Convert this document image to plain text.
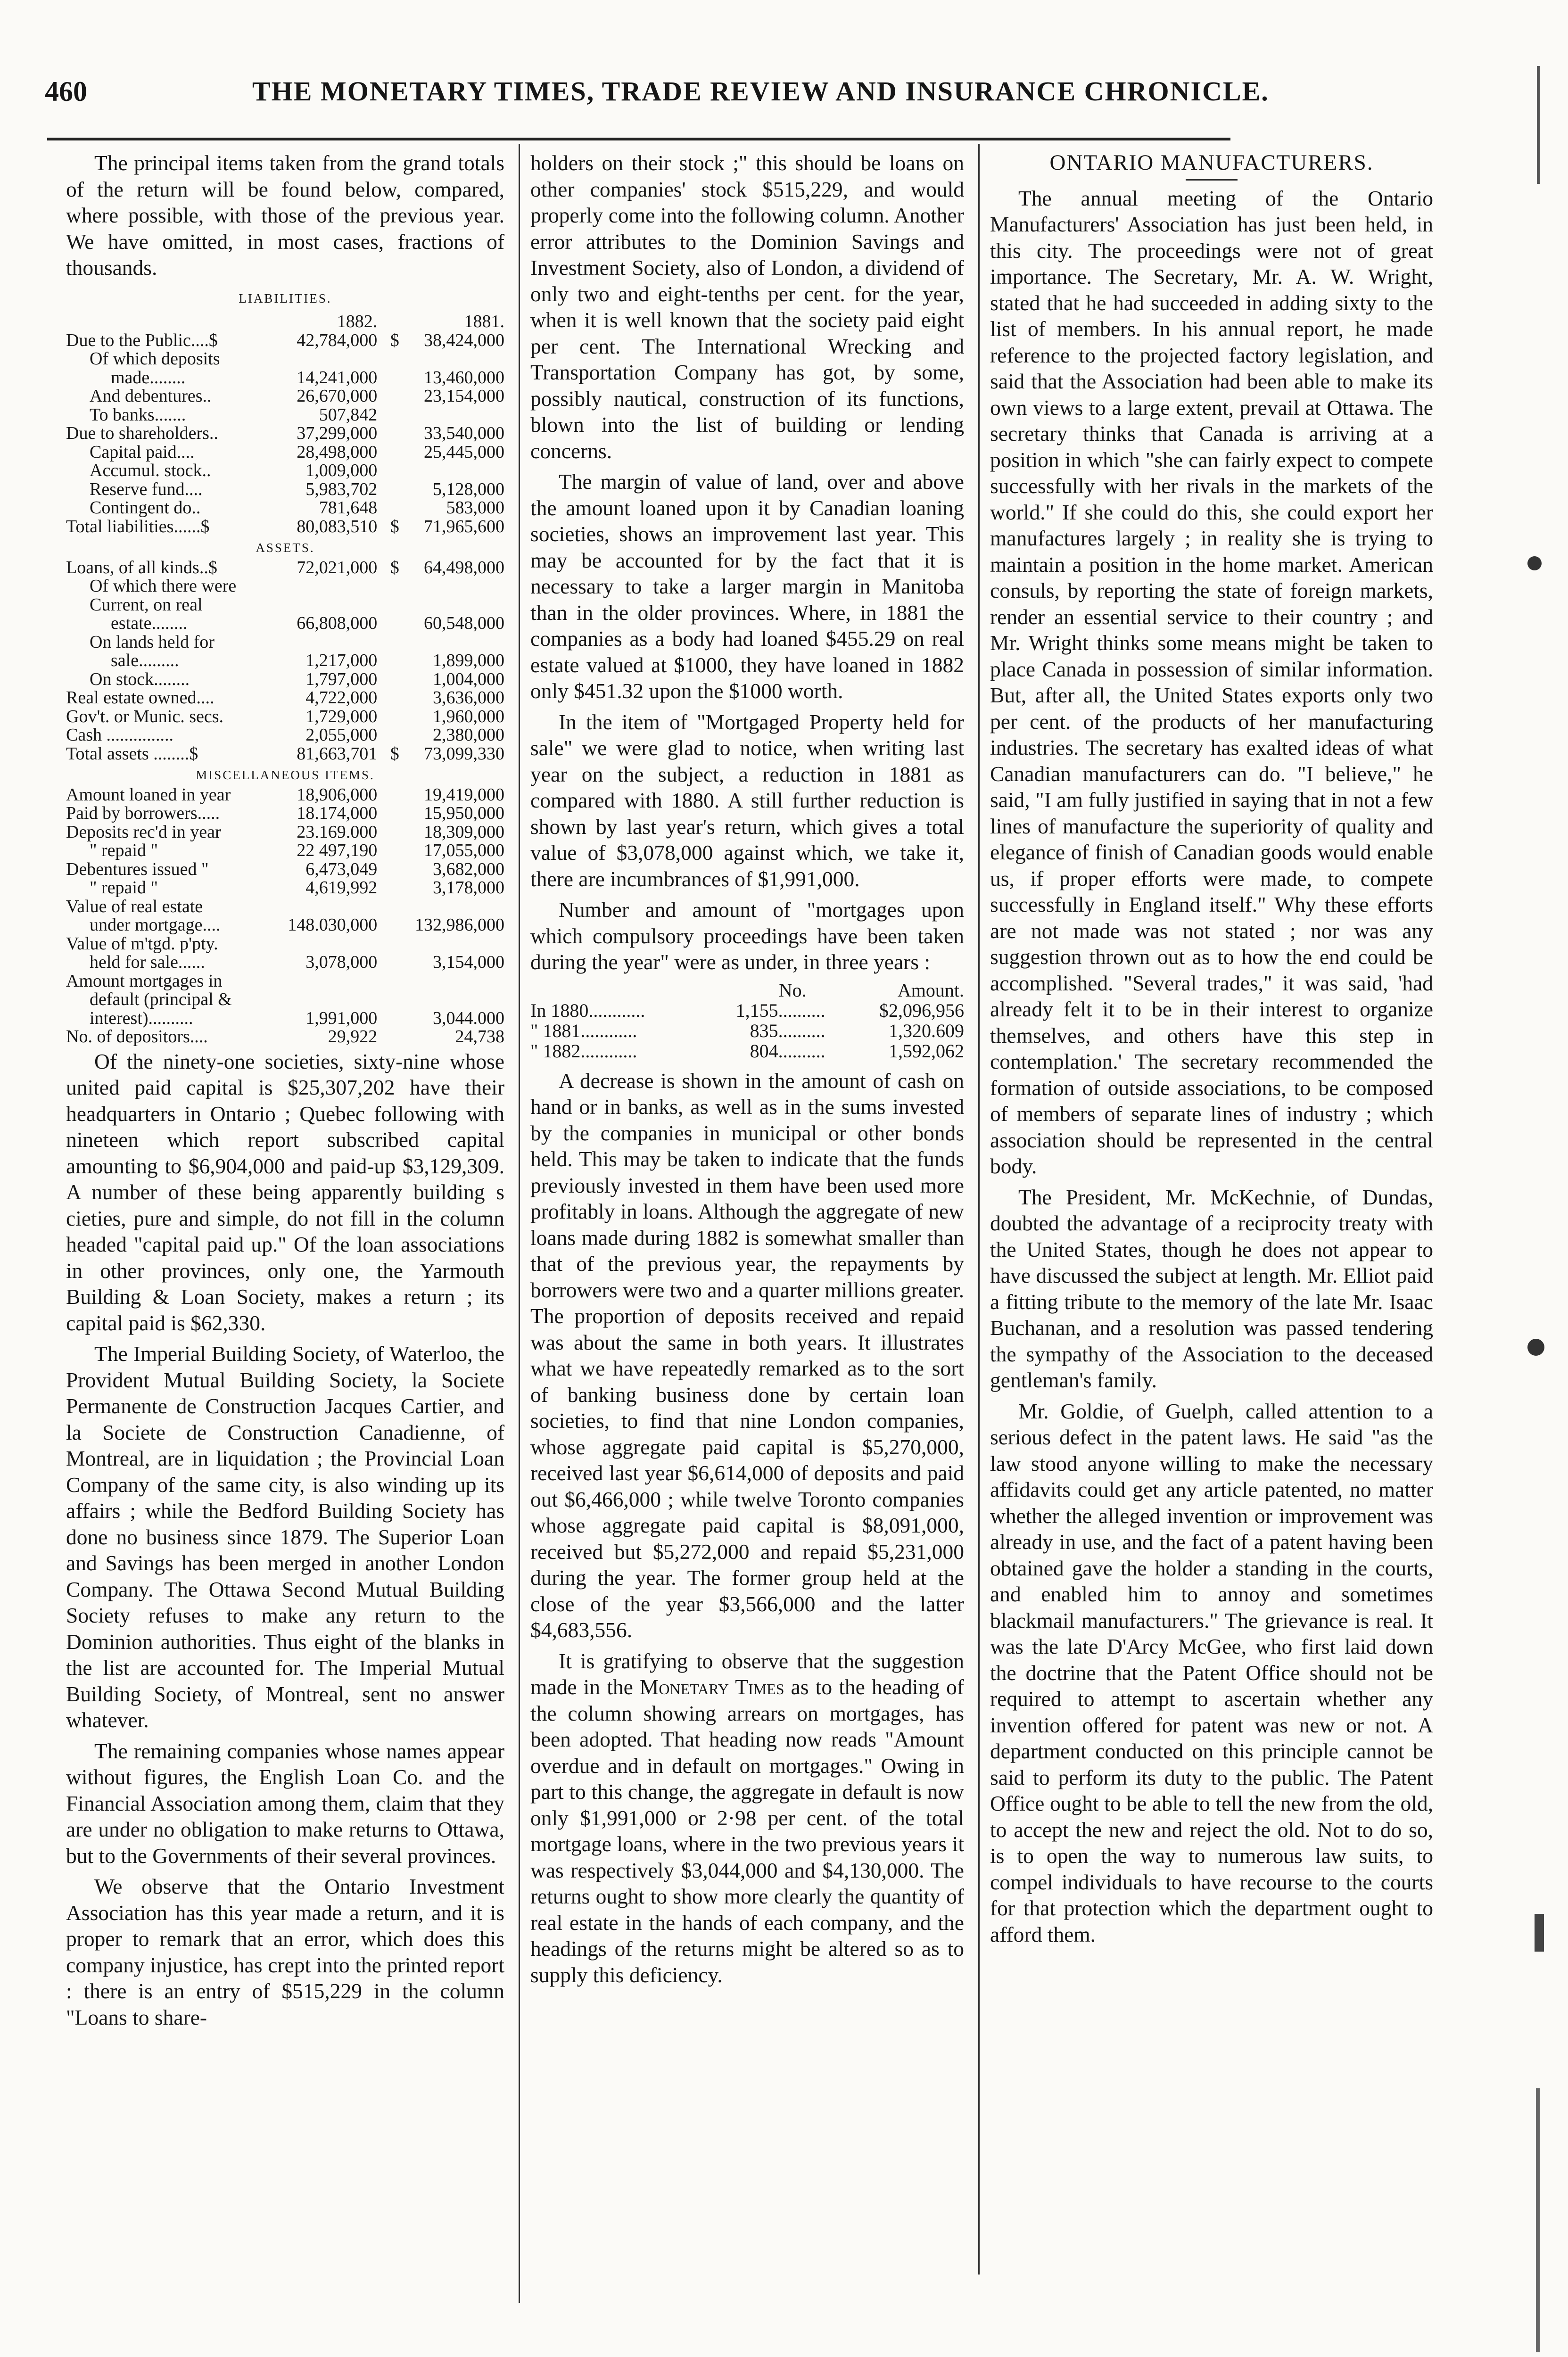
460	THE MONETARY TIMES, TRADE REVIEW AND INSURANCE CHRONICLE.

The principal items taken from the grand totals of the return will be found below, compared, where possible, with those of the previous year. We have omitted, in most cases, fractions of thousands.

LIABILITIES.
	1882.		1881.
Due to the Public....$	42,784,000	$	38,424,000
Of which deposits			
made........	14,241,000		13,460,000
And debentures..	26,670,000		23,154,000
To banks.......	507,842		
Due to shareholders..	37,299,000		33,540,000
Capital paid....	28,498,000		25,445,000
Accumul. stock..	1,009,000		
Reserve fund....	5,983,702		5,128,000
Contingent do..	781,648		583,000
Total liabilities......$	80,083,510	$	71,965,600

ASSETS.			

Loans, of all kinds..$	72,021,000	$	64,498,000
Of which there were			
Current, on real			
estate........	66,808,000		60,548,000
On lands held for			
sale.........	1,217,000		1,899,000
On stock........	1,797,000		1,004,000
Real estate owned....	4,722,000		3,636,000
Gov't. or Munic. secs.	1,729,000		1,960,000
Cash ...............	2,055,000		2,380,000
Total assets ........$	81,663,701	$	73,099,330

MISCELLANEOUS ITEMS.			

Amount loaned in year	18,906,000		19,419,000
Paid by borrowers.....	18.174,000		15,950,000
Deposits rec'd in year	23.169.000		18,309,000
" repaid "	22 497,190		17,055,000
Debentures issued "	6,473,049		3,682,000
" repaid "	4,619,992		3,178,000
Value of real estate			
under mortgage....	148.030,000		132,986,000
Value of m'tgd. p'pty.			
held for sale......	3,078,000		3,154,000
Amount mortgages in			
default (principal &			
interest)..........	1,991,000		3,044.000
No. of depositors....	29,922		24,738

Of the ninety-one societies, sixty-nine whose united paid capital is $25,307,202 have their headquarters in Ontario ; Quebec following with nineteen which report subscribed capital amounting to $6,904,000 and paid-up $3,129,309. A number of these being apparently building s cieties, pure and simple, do not fill in the column headed "capital paid up." Of the loan associations in other provinces, only one, the Yarmouth Building & Loan Society, makes a return ; its capital paid is $62,330.

The Imperial Building Society, of Waterloo, the Provident Mutual Building Society, la Societe Permanente de Construction Jacques Cartier, and la Societe de Construction Canadienne, of Montreal, are in liquidation ; the Provincial Loan Company of the same city, is also winding up its affairs ; while the Bedford Building Society has done no business since 1879. The Superior Loan and Savings has been merged in another London Company. The Ottawa Second Mutual Building Society refuses to make any return to the Dominion authorities. Thus eight of the blanks in the list are accounted for. The Imperial Mutual Building Society, of Montreal, sent no answer whatever.

The remaining companies whose names appear without figures, the English Loan Co. and the Financial Association among them, claim that they are under no obligation to make returns to Ottawa, but to the Governments of their several provinces.

We observe that the Ontario Investment Association has this year made a return, and it is proper to remark that an error, which does this company injustice, has crept into the printed report : there is an entry of $515,229 in the column "Loans to share-

holders on their stock ;" this should be loans on other companies' stock $515,229, and would properly come into the following column. Another error attributes to the Dominion Savings and Investment Society, also of London, a dividend of only two and eight-tenths per cent. for the year, when it is well known that the society paid eight per cent. The International Wrecking and Transportation Company has got, by some, possibly nautical, construction of its functions, blown into the list of building or lending concerns.

The margin of value of land, over and above the amount loaned upon it by Canadian loaning societies, shows an improvement last year. This may be accounted for by the fact that it is necessary to take a larger margin in Manitoba than in the older provinces. Where, in 1881 the companies as a body had loaned $455.29 on real estate valued at $1000, they have loaned in 1882 only $451.32 upon the $1000 worth.

In the item of "Mortgaged Property held for sale" we were glad to notice, when writing last year on the subject, a reduction in 1881 as compared with 1880. A still further reduction is shown by last year's return, which gives a total value of $3,078,000 against which, we take it, there are incumbrances of $1,991,000.

Number and amount of "mortgages upon which compulsory proceedings have been taken during the year" were as under, in three years :

	No.	Amount.
In 1880............	1,155..........	$2,096,956
" 1881............	835..........	1,320.609
" 1882............	804..........	1,592,062

A decrease is shown in the amount of cash on hand or in banks, as well as in the sums invested by the companies in municipal or other bonds held. This may be taken to indicate that the funds previously invested in them have been used more profitably in loans. Although the aggregate of new loans made during 1882 is somewhat smaller than that of the previous year, the repayments by borrowers were two and a quarter millions greater. The proportion of deposits received and repaid was about the same in both years. It illustrates what we have repeatedly remarked as to the sort of banking business done by certain loan societies, to find that nine London companies, whose aggregate paid capital is $5,270,000, received last year $6,614,000 of deposits and paid out $6,466,000 ; while twelve Toronto companies whose aggregate paid capital is $8,091,000, received but $5,272,000 and repaid $5,231,000 during the year. The former group held at the close of the year $3,566,000 and the latter $4,683,556.

It is gratifying to observe that the suggestion made in the Monetary Times as to the heading of the column showing arrears on mortgages, has been adopted. That heading now reads "Amount overdue and in default on mortgages." Owing in part to this change, the aggregate in default is now only $1,991,000 or 2·98 per cent. of the total mortgage loans, where in the two previous years it was respectively $3,044,000 and $4,130,000. The returns ought to show more clearly the quantity of real estate in the hands of each company, and the headings of the returns might be altered so as to supply this deficiency.

ONTARIO MANUFACTURERS.

The annual meeting of the Ontario Manufacturers' Association has just been held, in this city. The proceedings were not of great importance. The Secretary, Mr. A. W. Wright, stated that he had succeeded in adding sixty to the list of members. In his annual report, he made reference to the projected factory legislation, and said that the Association had been able to make its own views to a large extent, prevail at Ottawa. The secretary thinks that Canada is arriving at a position in which "she can fairly expect to compete successfully with her rivals in the markets of the world." If she could do this, she could export her manufactures largely ; in reality she is trying to maintain a position in the home market. American consuls, by reporting the state of foreign markets, render an essential service to their country ; and Mr. Wright thinks some means might be taken to place Canada in possession of similar information. But, after all, the United States exports only two per cent. of the products of her manufacturing industries. The secretary has exalted ideas of what Canadian manufacturers can do. "I believe," he said, "I am fully justified in saying that in not a few lines of manufacture the superiority of quality and elegance of finish of Canadian goods would enable us, if proper efforts were made, to compete successfully in England itself." Why these efforts are not made was not stated ; nor was any suggestion thrown out as to how the end could be accomplished. "Several trades," it was said, 'had already felt it to be in their interest to organize themselves, and others have this step in contemplation.' The secretary recommended the formation of outside associations, to be composed of members of separate lines of industry ; which association should be represented in the central body.

The President, Mr. McKechnie, of Dundas, doubted the advantage of a reciprocity treaty with the United States, though he does not appear to have discussed the subject at length. Mr. Elliot paid a fitting tribute to the memory of the late Mr. Isaac Buchanan, and a resolution was passed tendering the sympathy of the Association to the deceased gentleman's family.

Mr. Goldie, of Guelph, called attention to a serious defect in the patent laws. He said "as the law stood anyone willing to make the necessary affidavits could get any article patented, no matter whether the alleged invention or improvement was already in use, and the fact of a patent having been obtained gave the holder a standing in the courts, and enabled him to annoy and sometimes blackmail manufacturers." The grievance is real. It was the late D'Arcy McGee, who first laid down the doctrine that the Patent Office should not be required to attempt to ascertain whether any invention offered for patent was new or not. A department conducted on this principle cannot be said to perform its duty to the public. The Patent Office ought to be able to tell the new from the old, to accept the new and reject the old. Not to do so, is to open the way to numerous law suits, to compel individuals to have recourse to the courts for that protection which the department ought to afford them.
